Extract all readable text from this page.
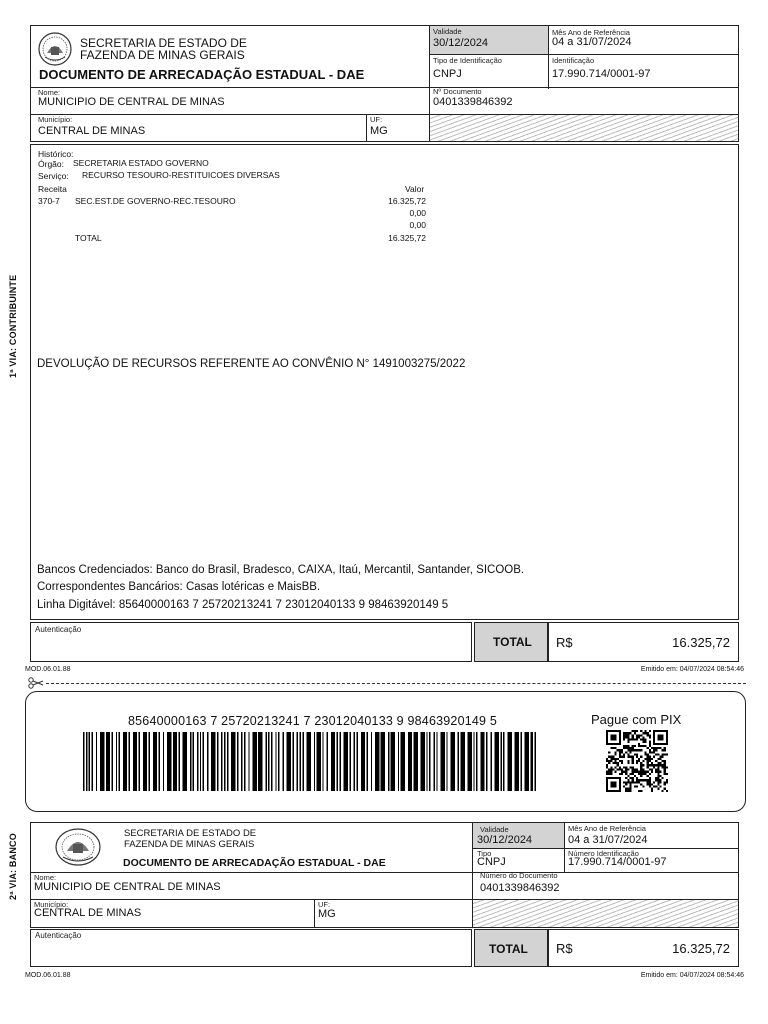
1ª VIA: CONTRIBUINTE
2ª VIA: BANCO
SECRETARIA DE ESTADO DE
FAZENDA DE MINAS GERAIS
DOCUMENTO DE ARRECADAÇÃO ESTADUAL - DAE
Validade
30/12/2024
Mês Ano de Referência
04 a 31/07/2024
Tipo de Identificação
CNPJ
Identificação
17.990.714/0001-97
Nome:
MUNICIPIO DE CENTRAL DE MINAS
Nº Documento
0401339846392
Município:
CENTRAL DE MINAS
UF:
MG
Histórico:
Órgão: SECRETARIA ESTADO GOVERNO
Serviço: RECURSO TESOURO-RESTITUICOES DIVERSAS
Receita	Valor
370-7 SEC.EST.DE GOVERNO-REC.TESOURO	16.325,72
0,00
0,00
TOTAL	16.325,72
DEVOLUÇÃO DE RECURSOS REFERENTE AO CONVÊNIO N° 1491003275/2022
Bancos Credenciados: Banco do Brasil, Bradesco, CAIXA, Itaú, Mercantil, Santander, SICOOB.
Correspondentes Bancários: Casas lotéricas e MaisBB.
Linha Digitável: 85640000163 7 25720213241 7 23012040133 9 98463920149 5
Autenticação
TOTAL R$	16.325,72
MOD.06.01.88	Emitido em: 04/07/2024 08:54:46
85640000163 7 25720213241 7 23012040133 9 98463920149 5	Pague com PIX
SECRETARIA DE ESTADO DE
FAZENDA DE MINAS GERAIS
DOCUMENTO DE ARRECADAÇÃO ESTADUAL - DAE
Validade
30/12/2024
Mês Ano de Referência
04 a 31/07/2024
Tipo
CNPJ
Número Identificação
17.990.714/0001-97
Nome:
MUNICIPIO DE CENTRAL DE MINAS
Número do Documento
0401339846392
Município:
CENTRAL DE MINAS
UF:
MG
Autenticação
TOTAL R$	16.325,72
MOD.06.01.88	Emitido em: 04/07/2024 08:54:46
